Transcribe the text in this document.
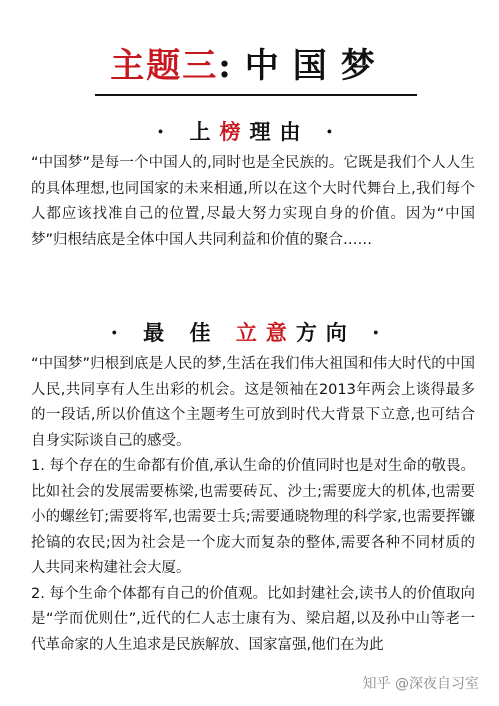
主题三:中国梦
· 上榜理由 ·

“中国梦”是每一个中国人的,同时也是全民族的。它既是我们个人人生的具体理想,也同国家的未来相通,所以在这个大时代舞台上,我们每个人都应该找准自己的位置,尽最大努力实现自身的价值。因为“中国梦”归根结底是全体中国人共同利益和价值的聚合……

· 最 佳 立意方向 ·

“中国梦”归根到底是人民的梦,生活在我们伟大祖国和伟大时代的中国人民,共同享有人生出彩的机会。这是领袖在2013年两会上谈得最多的一段话,所以价值这个主题考生可放到时代大背景下立意,也可结合自身实际谈自己的感受。

1. 每个存在的生命都有价值,承认生命的价值同时也是对生命的敬畏。比如社会的发展需要栋梁,也需要砖瓦、沙土;需要庞大的机体,也需要小的螺丝钉;需要将军,也需要士兵;需要通晓物理的科学家,也需要挥镰抡镐的农民;因为社会是一个庞大而复杂的整体,需要各种不同材质的人共同来构建社会大厦。

2. 每个生命个体都有自己的价值观。比如封建社会,读书人的价值取向是“学而优则仕”,近代的仁人志士康有为、梁启超,以及孙中山等老一代革命家的人生追求是民族解放、国家富强,他们在为此

知乎 @深夜自习室
